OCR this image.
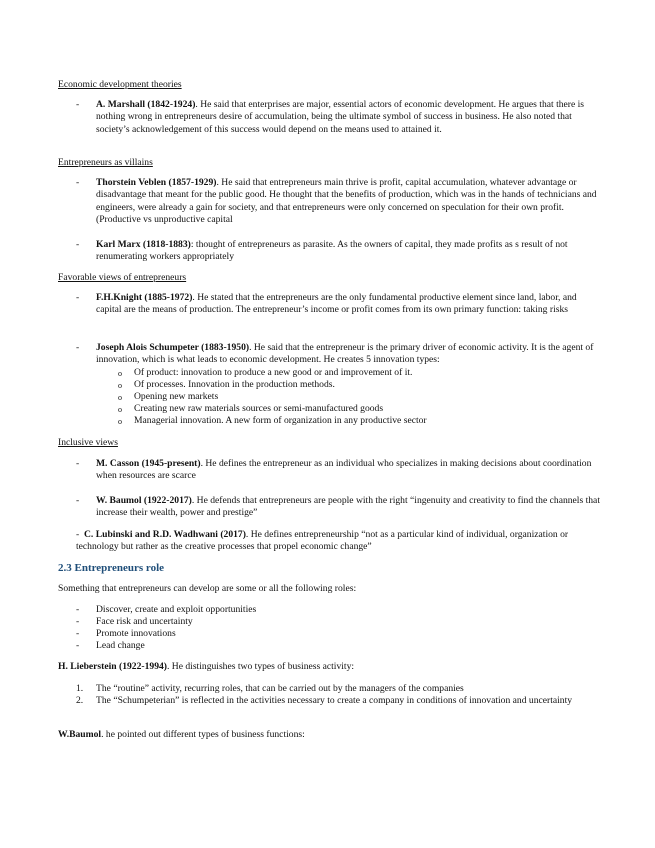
Economic development theories
- A. Marshall (1842-1924). He said that enterprises are major, essential actors of economic development. He argues that there is nothing wrong in entrepreneurs desire of accumulation, being the ultimate symbol of success in business. He also noted that society’s acknowledgement of this success would depend on the means used to attained it.
Entrepreneurs as villains
- Thorstein Veblen (1857-1929). He said that entrepreneurs main thrive is profit, capital accumulation, whatever advantage or disadvantage that meant for the public good. He thought that the benefits of production, which was in the hands of technicians and engineers, were already a gain for society, and that entrepreneurs were only concerned on speculation for their own profit. (Productive vs unproductive capital
- Karl Marx (1818-1883): thought of entrepreneurs as parasite. As the owners of capital, they made profits as s result of not renumerating workers appropriately
Favorable views of entrepreneurs
- F.H.Knight (1885-1972). He stated that the entrepreneurs are the only fundamental productive element since land, labor, and capital are the means of production. The entrepreneur’s income or profit comes from its own primary function: taking risks
- Joseph Alois Schumpeter (1883-1950). He said that the entrepreneur is the primary driver of economic activity. It is the agent of innovation, which is what leads to economic development. He creates 5 innovation types:
o Of product: innovation to produce a new good or and improvement of it.
o Of processes. Innovation in the production methods.
o Opening new markets
o Creating new raw materials sources or semi-manufactured goods
o Managerial innovation. A new form of organization in any productive sector
Inclusive views
- M. Casson (1945-present). He defines the entrepreneur as an individual who specializes in making decisions about coordination when resources are scarce
- W. Baumol (1922-2017). He defends that entrepreneurs are people with the right “ingenuity and creativity to find the channels that increase their wealth, power and prestige”
- C. Lubinski and R.D. Wadhwani (2017). He defines entrepreneurship “not as a particular kind of individual, organization or technology but rather as the creative processes that propel economic change”
2.3 Entrepreneurs role
Something that entrepreneurs can develop are some or all the following roles:
- Discover, create and exploit opportunities
- Face risk and uncertainty
- Promote innovations
- Lead change
H. Lieberstein (1922-1994). He distinguishes two types of business activity:
1. The “routine” activity, recurring roles, that can be carried out by the managers of the companies
2. The “Schumpeterian” is reflected in the activities necessary to create a company in conditions of innovation and uncertainty
W.Baumol. he pointed out different types of business functions:
